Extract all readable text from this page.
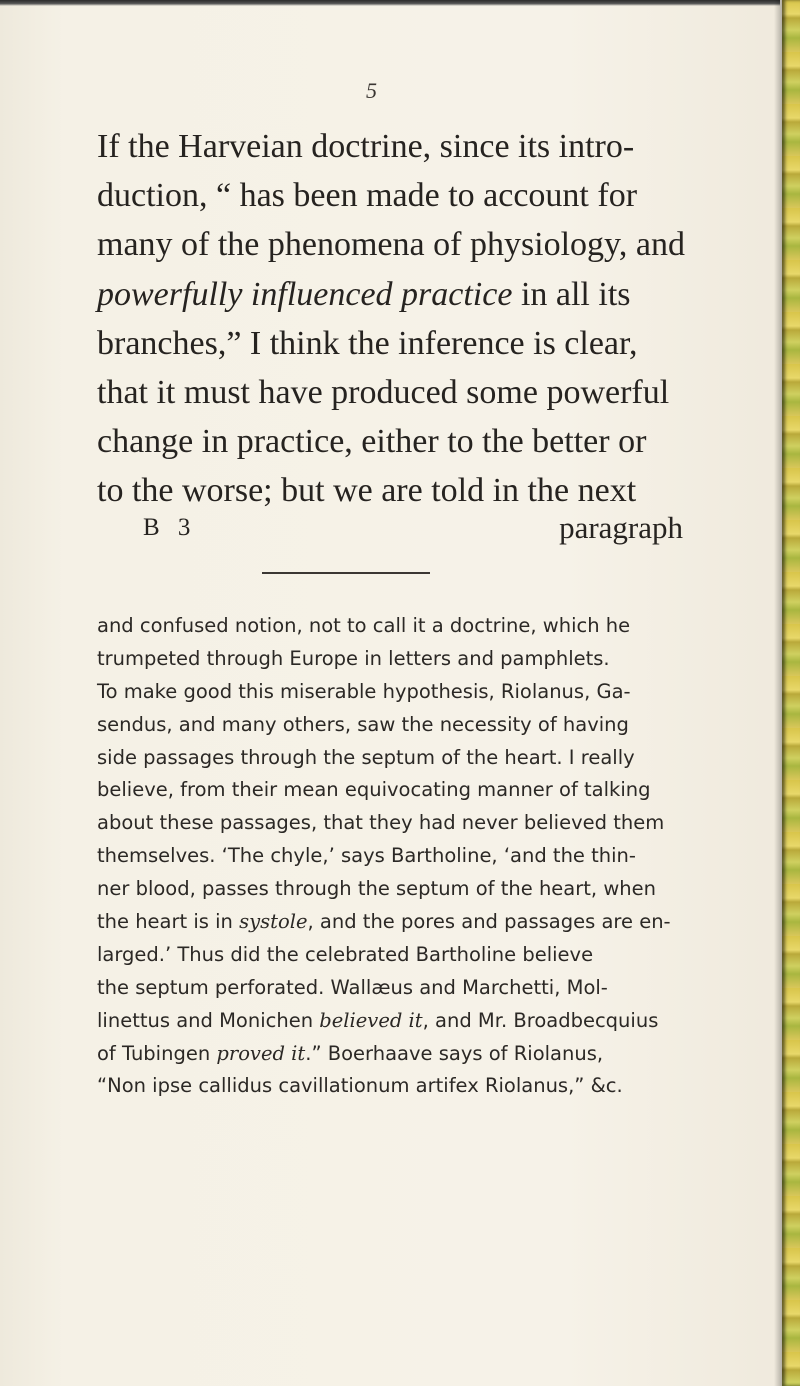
5
If the Harveian doctrine, since its intro-
duction, “ has been made to account for
many of the phenomena of physiology, and
powerfully influenced practice in all its
branches,” I think the inference is clear,
that it must have produced some powerful
change in practice, either to the better or
to the worse; but we are told in the next
B 3	paragraph
and confused notion, not to call it a doctrine, which he
trumpeted through Europe in letters and pamphlets.
To make good this miserable hypothesis, Riolanus, Ga-
sendus, and many others, saw the necessity of having
side passages through the septum of the heart. I really
believe, from their mean equivocating manner of talking
about these passages, that they had never believed them
themselves. ‘The chyle,’ says Bartholine, ‘and the thin-
ner blood, passes through the septum of the heart, when
the heart is in systole , and the pores and passages are en-
larged.’ Thus did the celebrated Bartholine believe
the septum perforated. Wallæus and Marchetti, Mol-
linettus and Monichen believed it , and Mr. Broadbecquius
of Tubingen proved it .” Boerhaave says of Riolanus,
“Non ipse callidus cavillationum artifex Riolanus,” &c.
